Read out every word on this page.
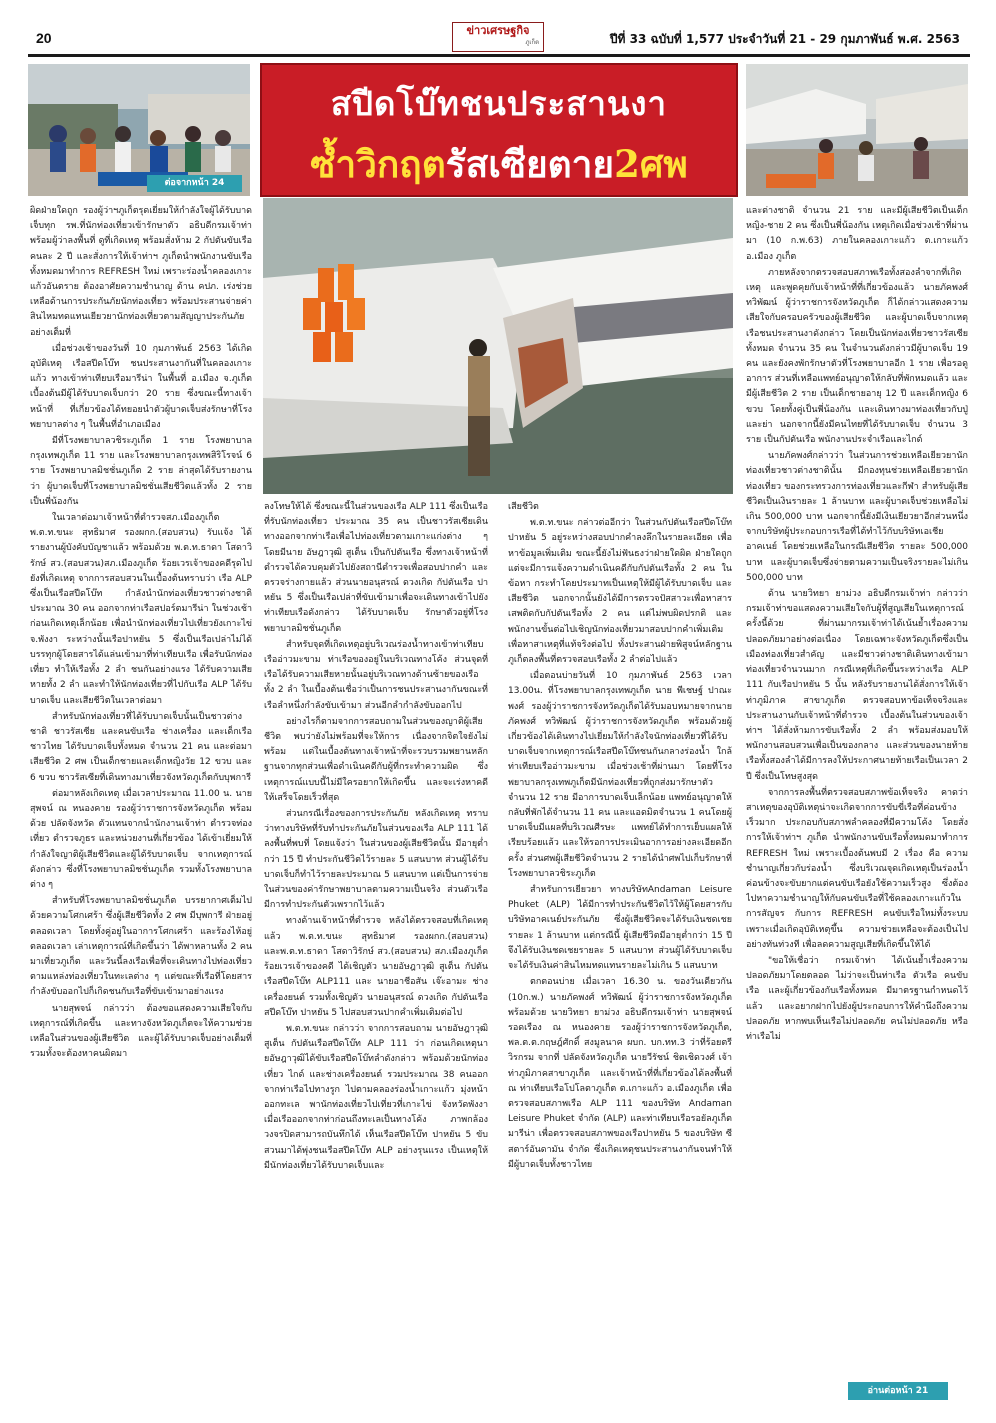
20	ข่าวเศรษฐกิจ
ภูเก็ต	ปีที่ 33 ฉบับที่ 1,577 ประจำวันที่ 21 - 29 กุมภาพันธ์ พ.ศ. 2563
ต่อจากหน้า 24
สปีดโบ๊ทชนประสานงา
ซ้ำวิกฤตรัสเซียตาย2ศพ

ผิดฝ่ายใดถูก รองผู้ว่าฯภูเก็ตรุดเยี่ยมให้กำลังใจผู้ได้รับบาดเจ็บทุก รพ.ที่นักท่องเที่ยวเข้ารักษาตัว อธิบดีกรมเจ้าท่าพร้อมผู้ว่าลงพื้นที่ ดูที่เกิดเหตุ พร้อมสั่งห้าม 2 กัปตันขับเรือคนละ 2 ปี และสั่งการให้เจ้าท่าฯ ภูเก็ตนำพนักงานขับเรือทั้งหมดมาทำการ REFRESH ใหม่ เพราะร่องน้ำคลองเกาะแก้วอันตราย ต้องอาศัยความชำนาญ ด้าน คปภ. เร่งช่วยเหลือด้านการประกันภัยนักท่องเที่ยว พร้อมประสานจ่ายค่าสินไหมทดแทนเยียวยานักท่องเที่ยวตามสัญญาประกันภัยอย่างเต็มที่

เมื่อช่วงเช้าของวันที่ 10 กุมภาพันธ์ 2563 ได้เกิดอุบัติเหตุ เรือสปีดโบ๊ท ชนประสานงากันที่ในคลองเกาะแก้ว ทางเข้าท่าเทียบเรือมารีน่า ในพื้นที่ อ.เมือง จ.ภูเก็ต เบื้องต้นมีผู้ได้รับบาดเจ็บกว่า 20 ราย ซึ่งขณะนี้ทางเจ้าหน้าที่ ที่เกี่ยวข้องได้ทยอยนำตัวผู้บาดเจ็บส่งรักษาที่โรงพยาบาลต่าง ๆ ในพื้นที่อำเภอเมือง

มีที่โรงพยาบาลวชิระภูเก็ต 1 ราย โรงพยาบาลกรุงเทพภูเก็ต 11 ราย และโรงพยาบาลกรุงเทพสิริโรจน์ 6 ราย โรงพยาบาลมิชชั่นภูเก็ต 2 ราย ล่าสุดได้รับรายงานว่า ผู้บาดเจ็บที่โรงพยาบาลมิชชั่นเสียชีวิตแล้วทั้ง 2 ราย เป็นพี่น้องกัน

ในเวลาต่อมาเจ้าหน้าที่ตำรวจสภ.เมืองภูเก็ต พ.ต.ท.ขนะ สุทธิมาศ รองผกก.(สอบสวน) รับแจ้ง ได้รายงานผู้บังคับบัญชาแล้ว พร้อมด้วย พ.ต.ท.ธาดา โสดาวิรักษ์ สว.(สอบสวน)สภ.เมืองภูเก็ต ร้อยเวรเจ้าของคดีรุดไปยังที่เกิดเหตุ จากการสอบสวนในเบื้องต้นทราบว่า เรือ ALP ซึ่งเป็นเรือสปีดโบ๊ท กำลังนำนักท่องเที่ยวชาวต่างชาติ ประมาณ 30 คน ออกจากท่าเรือสปอร์ตมารีน่า ในช่วงเช้าก่อนเกิดเหตุเล็กน้อย เพื่อนำนักท่องเที่ยวไปเที่ยวยังเกาะไข่ จ.พังงา ระหว่างนั้นเรือปาหยัน 5 ซึ่งเป็นเรือเปล่าไม่ได้บรรทุกผู้โดยสารได้แล่นเข้ามาที่ท่าเทียบเรือ เพื่อรับนักท่องเที่ยว ทำให้เรือทั้ง 2 ลำ ชนกันอย่างแรง ได้รับความเสียหายทั้ง 2 ลำ และทำให้นักท่องเที่ยวที่ไปกับเรือ ALP ได้รับบาดเจ็บ และเสียชีวิตในเวลาต่อมา

สำหรับนักท่องเที่ยวที่ได้รับบาดเจ็บนั้นเป็นชาวต่างชาติ ชาวรัสเซีย และคนขับเรือ ช่างเครื่อง และเด็กเรือชาวไทย ได้รับบาดเจ็บทั้งหมด จำนวน 21 คน และต่อมาเสียชีวิต 2 ศพ เป็นเด็กชายและเด็กหญิงวัย 12 ขวบ และ 6 ขวบ ชาวรัสเซียที่เดินทางมาเที่ยวจังหวัดภูเก็ตกับบุพการี

ต่อมาหลังเกิดเหตุ เมื่อเวลาประมาณ 11.00 น. นายสุพจน์ ณ หนองคาย รองผู้ว่าราชการจังหวัดภูเก็ต พร้อมด้วย ปลัดจังหวัด ตัวแทนจากนำนักงานเจ้าท่า ตำรวจท่องเที่ยว ตำรวจภูธร และหน่วยงานที่เกี่ยวข้อง ได้เข้าเยี่ยมให้กำลังใจญาติผู้เสียชีวิตและผู้ได้รับบาดเจ็บ จากเหตุการณ์ดังกล่าว ซึ่งที่โรงพยาบาลมิชชั่นภูเก็ต รวมทั้งโรงพยาบาลต่าง ๆ

สำหรับที่โรงพยาบาลมิชชั่นภูเก็ต บรรยากาศเต็มไปด้วยความโศกเศร้า ซึ่งผู้เสียชีวิตทั้ง 2 ศพ มีบุพการี ฝ่ายอยู่ตลอดเวลา โดยทั้งคู่อยู่ในอาการโศกเศร้า และร้องไห้อยู่ตลอดเวลา เล่าเหตุการณ์ที่เกิดขึ้นว่า ได้พาหลานทั้ง 2 คน มาเที่ยวภูเก็ต และวันนี้ลงเรือเพื่อที่จะเดินทางไปท่องเที่ยวตามแหล่งท่องเที่ยวในทะเลต่าง ๆ แต่ขณะที่เรือที่โดยสารกำลังขับออกไปก็เกิดชนกับเรือที่ขับเข้ามาอย่างแรง

นายสุพจน์ กล่าวว่า ต้องขอแสดงความเสียใจกับเหตุการณ์ที่เกิดขึ้น และทางจังหวัดภูเก็ตจะให้ความช่วยเหลือในส่วนของผู้เสียชีวิต และผู้ได้รับบาดเจ็บอย่างเต็มที่ รวมทั้งจะต้องหาคนผิดมา

ลงโทษให้ได้ ซึ่งขณะนี้ในส่วนของเรือ ALP 111 ซึ่งเป็นเรือที่รับนักท่องเที่ยว ประมาณ 35 คน เป็นชาวรัสเซียเดินทางออกจากท่าเรือเพื่อไปท่องเที่ยวตามเกาะแก่งต่าง ๆ โดยมีนาย อัษฎาวุฒิ สูเต็น เป็นกัปตันเรือ ซึ่งทางเจ้าหน้าที่ตำรวจได้ควบคุมตัวไปยังสถานีตำรวจเพื่อสอบปากคำ และตรวจร่างกายแล้ว ส่วนนายอนุสรณ์ ดวงเกิด กัปตันเรือ ปาหยัน 5 ซึ่งเป็นเรือเปล่าที่ขับเข้ามาเพื่อจะเดินทางเข้าไปยังท่าเทียบเรือดังกล่าว ได้รับบาดเจ็บ รักษาตัวอยู่ที่โรงพยาบาลมิชชั่นภูเก็ต

สำหรับจุดที่เกิดเหตุอยู่บริเวณร่องน้ำทางเข้าท่าเทียบเรืออ่าวมะขาม ท่าเรือของอยู่ในบริเวณทางโค้ง ส่วนจุดที่เรือได้รับความเสียหายนั้นอยู่บริเวณทางด้านซ้ายของเรือทั้ง 2 ลำ ในเบื้องต้นเชื่อว่าเป็นการชนประสานงากันขณะที่เรือลำหนึ่งกำลังขับเข้ามา ส่วนอีกลำกำลังขับออกไป

อย่างไรก็ตามจากการสอบถามในส่วนของญาติผู้เสียชีวิต พบว่ายังไม่พร้อมที่จะให้การ เนื่องจากจิตใจยังไม่พร้อม แต่ในเบื้องต้นทางเจ้าหน้าที่จะรวบรวมพยานหลักฐานจากทุกส่วนเพื่อดำเนินคดีกับผู้ที่กระทำความผิด ซึ่งเหตุการณ์แบบนี้ไม่มีใครอยากให้เกิดขึ้น และจะเร่งหาคดีให้เสร็จโดยเร็วที่สุด

ส่วนกรณีเรื่องของการประกันภัย หลังเกิดเหตุ ทราบว่าทางบริษัทที่รับทำประกันภัยในส่วนของเรือ ALP 111 ได้ลงพื้นที่พบที่ โดยแจ้งว่า ในส่วนของผู้เสียชีวิตนั้น มีอายุต่ำกว่า 15 ปี ทำประกันชีวิตไว้รายละ 5 แสนบาท ส่วนผู้ได้รับบาดเจ็บก็ทำไว้รายละประมาณ 5 แสนบาท แต่เป็นการจ่ายในส่วนของค่ารักษาพยาบาลตามความเป็นจริง ส่วนตัวเรือมีการทำประกันตัวเพรากไว้แล้ว

ทางด้านเจ้าหน้าที่ตำรวจ หลังได้ตรวจสอบที่เกิดเหตุแล้ว พ.ต.ท.ขนะ สุทธิมาศ รองผกก.(สอบสวน) และพ.ต.ท.ธาดา โสดาวิรักษ์ สว.(สอบสวน) สภ.เมืองภูเก็ต ร้อยเวรเจ้าของคดี ได้เชิญตัว นายอัษฎาวุฒิ สูเต็น กัปตันเรือสปีดโบ๊ท ALP111 และ นายอาชีอสัน เจ๊ะอามะ ช่างเครื่องยนต์ รวมทั้งเชิญตัว นายอนุสรณ์ ดวงเกิด กัปตันเรือสปีดโบ๊ท ปาหยัน 5 ไปสอบสวนปากคำเพิ่มเติมต่อไป

พ.ต.ท.ขนะ กล่าวว่า จากการสอบถาม นายอัษฎาวุฒิ สูเต็น กัปตันเรือสปีดโบ๊ท ALP 111 ว่า ก่อนเกิดเหตุนายอัษฎาวุฒิได้ขับเรือสปีดโบ๊ทลำดังกล่าว พร้อมด้วยนักท่องเที่ยว ไกด์ และช่างเครื่องยนต์ รวมประมาณ 38 คนออกจากท่าเรือไปทางรูก ไปตามคลองร่องน้ำเกาะแก้ว มุ่งหน้าออกทะเล พานักท่องเที่ยวไปเที่ยวที่เกาะไข่ จังหวัดพังงา เมื่อเรือออกจากท่าก่อนถึงทะเลเป็นทางโค้ง ภาพกล้องวงจรปิดสามารถบันทึกได้ เห็นเรือสปีดโบ๊ท ปาหยัน 5 ขับสวนมาได้พุ่งชนเรือสปีดโบ๊ท ALP อย่างรุนแรง เป็นเหตุให้มีนักท่องเที่ยวได้รับบาดเจ็บและ

เสียชีวิต

พ.ต.ท.ขนะ กล่าวต่ออีกว่า ในส่วนกัปตันเรือสปีดโบ๊ท ปาหยัน 5 อยู่ระหว่างสอบปากคำลงลึกในรายละเอียด เพื่อหาข้อมูลเพิ่มเติม ขณะนี้ยังไม่ฟันธงว่าฝ่ายใดผิด ฝ่ายใดถูก แต่จะมีการแจ้งความดำเนินคดีกับกัปตันเรือทั้ง 2 คน ในข้อหา กระทำโดยประมาทเป็นเหตุให้มีผู้ได้รับบาดเจ็บ และเสียชีวิต นอกจากนั้นยังได้มีการตรวจปัสสาวะเพื่อหาสารเสพติดกับกัปตันเรือทั้ง 2 คน แต่ไม่พบผิดปรกติ และพนักงานขั้นต่อไปเชิญนักท่องเที่ยวมาสอบปากคำเพิ่มเติม เพื่อหาสาเหตุที่แท้จริงต่อไป ทั้งประสานฝ่ายพิสูจน์หลักฐานภูเก็ตลงพื้นที่ตรวจสอบเรือทั้ง 2 ลำต่อไปแล้ว

เมื่อตอนบ่ายวันที่ 10 กุมภาพันธ์ 2563 เวลา 13.00น. ที่โรงพยาบาลกรุงเทพภูเก็ต นาย พีเชษฐ์ ปาณะพงศ์ รองผู้ว่าราชการจังหวัดภูเก็ตได้รับมอบหมายจากนาย ภัคพงศ์ ทวิพัฒน์ ผู้ว่าราชการจังหวัดภูเก็ต พร้อมด้วยผู้เกี่ยวข้องได้เดินทางไปเยี่ยมให้กำลังใจนักท่องเที่ยวที่ได้รับบาดเจ็บจากเหตุการณ์เรือสปีดโบ๊ทชนกันกลางร่องน้ำ ใกล้ท่าเทียบเรืออ่าวมะขาม เมื่อช่วงเช้าที่ผ่านมา โดยที่โรงพยาบาลกรุงเทพภูเก็ตมีนักท่องเที่ยวที่ถูกส่งมารักษาตัวจำนวน 12 ราย มีอาการบาดเจ็บเล็กน้อย แพทย์อนุญาตให้กลับที่พักได้จำนวน 11 คน และแอดมิตจำนวน 1 คนโดยผู้บาดเจ็บมีแผลที่บริเวณศีรษะ แพทย์ได้ทำการเย็บแผลให้เรียบร้อยแล้ว และให้รอการประเมินอาการอย่างละเอียดอีกครั้ง ส่วนศพผู้เสียชีวิตจำนวน 2 รายได้นำศพไปเก็บรักษาที่โรงพยาบาลวชิระภูเก็ต

สำหรับการเยียวยา ทางบริษัทAndaman Leisure Phuket (ALP) ได้มีการทำประกันชีวิตไว้ให้ผู้โดยสารกับ บริษัทอาคเนย์ประกันภัย ซึ่งผู้เสียชีวิตจะได้รับเงินชดเชยรายละ 1 ล้านบาท แต่กรณีนี้ ผู้เสียชีวิตมีอายุต่ำกว่า 15 ปี จึงได้รับเงินชดเชยรายละ 5 แสนบาท ส่วนผู้ได้รับบาดเจ็บจะได้รับเงินค่าสินไหมทดแทนรายละไม่เกิน 5 แสนบาท

ตกตอนบ่าย เมื่อเวลา 16.30 น. ของวันเดียวกัน (10ก.พ.) นายภัคพงศ์ ทวิพัฒน์ ผู้ว่าราชการจังหวัดภูเก็ต พร้อมด้วย นายวิทยา ยาม่วง อธิบดีกรมเจ้าท่า นายสุพจน์ รอดเรือง ณ หนองคาย รองผู้ว่าราชการจังหวัดภูเก็ต, พล.ต.ต.กฤษฎ์ศักดิ์ สงมูลนาค ผบก. บก.ทท.3 ว่าที่ร้อยตรีวิรกรม จากที่ ปลัดจังหวัดภูเก็ต นายวีรัชน์ ชิตเชิดวงศ์ เจ้าท่าภูมิภาคสาขาภูเก็ต และเจ้าหน้าที่ที่เกี่ยวข้องได้ลงพื้นที่ ณ ท่าเทียบเรือโปโลตาภูเก็ต ต.เกาะแก้ว อ.เมืองภูเก็ต เพื่อตรวจสอบสภาพเรือ ALP 111 ของบริษัท Andaman Leisure Phuket จำกัด (ALP) และท่าเทียบเรือรอยัลภูเก็ต มารีน่า เพื่อตรวจสอบสภาพของเรือปาหยัน 5 ของบริษัท ซีสตาร์อันดามัน จำกัด ซึ่งเกิดเหตุชนประสานงากันจนทำให้มีผู้บาดเจ็บทั้งชาวไทย

และต่างชาติ จำนวน 21 ราย และมีผู้เสียชีวิตเป็นเด็กหญิง-ชาย 2 คน ซึ่งเป็นพี่น้องกัน เหตุเกิดเมื่อช่วงเช้าที่ผ่านมา (10 ก.พ.63) ภายในคลองเกาะแก้ว ต.เกาะแก้ว อ.เมือง ภูเก็ต

ภายหลังจากตรวจสอบสภาพเรือทั้งสองลำจากที่เกิดเหตุ และพูดคุยกับเจ้าหน้าที่ที่เกี่ยวข้องแล้ว นายภัคพงศ์ ทวิพัฒน์ ผู้ว่าราชการจังหวัดภูเก็ต ก็ได้กล่าวแสดงความเสียใจกับครอบครัวของผู้เสียชีวิต และผู้บาดเจ็บจากเหตุเรือชนประสานงาดังกล่าว โดยเป็นนักท่องเที่ยวชาวรัสเซียทั้งหมด จำนวน 35 คน ในจำนวนดังกล่าวมีผู้บาดเจ็บ 19 คน และยังคงพักรักษาตัวที่โรงพยาบาลอีก 1 ราย เพื่อรอดูอาการ ส่วนที่เหลือแพทย์อนุญาตให้กลับที่พักหมดแล้ว และมีผู้เสียชีวิต 2 ราย เป็นเด็กชายอายุ 12 ปี และเด็กหญิง 6 ขวบ โดยทั้งคู่เป็นพี่น้องกัน และเดินทางมาท่องเที่ยวกับปู่และย่า นอกจากนี้ยังมีคนไทยที่ได้รับบาดเจ็บ จำนวน 3 ราย เป็นกัปตันเรือ พนักงานประจำเรือและไกด์

นายภัคพงศ์กล่าวว่า ในส่วนการช่วยเหลือเยียวยานักท่องเที่ยวชาวต่างชาตินั้น มีกองทุนช่วยเหลือเยียวยานักท่องเที่ยว ของกระทรวงการท่องเที่ยวและกีฬา สำหรับผู้เสียชีวิตเป็นเงินรายละ 1 ล้านบาท และผู้บาดเจ็บช่วยเหลือไม่เกิน 500,000 บาท นอกจากนี้ยังมีเงินเยียวยาอีกส่วนหนึ่งจากบริษัทผู้ประกอบการเรือที่ได้ทำไว้กับบริษัทเอเชียอาคเนย์ โดยช่วยเหลือในกรณีเสียชีวิต รายละ 500,000 บาท และผู้บาดเจ็บซึ่งจ่ายตามความเป็นจริงรายละไม่เกิน 500,000 บาท

ด้าน นายวิทยา ยาม่วง อธิบดีกรมเจ้าท่า กล่าวว่า กรมเจ้าท่าขอแสดงความเสียใจกับผู้ที่สูญเสียในเหตุการณ์ครั้งนี้ด้วย ที่ผ่านมากรมเจ้าท่าได้เน้นย้ำเรื่องความปลอดภัยมาอย่างต่อเนื่อง โดยเฉพาะจังหวัดภูเก็ตซึ่งเป็นเมืองท่องเที่ยวสำคัญ และมีชาวต่างชาติเดินทางเข้ามาท่องเที่ยวจำนวนมาก กรณีเหตุที่เกิดขึ้นระหว่างเรือ ALP 111 กับเรือปาหยัน 5 นั้น หลังรับรายงานได้สั่งการให้เจ้าท่าภูมิภาค สาขาภูเก็ต ตรวจสอบหาข้อเท็จจริงและประสานงานกับเจ้าหน้าที่ตำรวจ เบื้องต้นในส่วนของเจ้าท่าฯ ได้สั่งห้ามการขับเรือทั้ง 2 ลำ พร้อมส่งมอบให้พนักงานสอบสวนเพื่อเป็นของกลาง และส่วนของนายท้ายเรือทั้งสองลำได้มีการลงให้ประกาศนายท้ายเรือเป็นเวลา 2 ปี ซึ่งเป็นโทษสูงสุด

จากการลงพื้นที่ตรวจสอบสภาพข้อเท็จจริง คาดว่า สาเหตุของอุบัติเหตุน่าจะเกิดจากการขับขี่เรือที่ค่อนข้างเร็วมาก ประกอบกับสภาพลำคลองที่มีความโค้ง โดยสั่งการให้เจ้าท่าฯ ภูเก็ต นำพนักงานขับเรือทั้งหมดมาทำการ REFRESH ใหม่ เพราะเบื้องต้นพบมี 2 เรื่อง คือ ความชำนาญเกี่ยวกับร่องน้ำ ซึ่งบริเวณจุดเกิดเหตุเป็นร่องน้ำ ค่อนข้างจะขับยากแต่คนขับเรือยังใช้ความเร็วสูง ซึ่งต้องไปหาความชำนาญให้กับคนขับเรือที่ใช้คลองเกาะแก้วในการสัญจร กับการ REFRESH คนขับเรือใหม่ทั้งระบบ เพราะเมื่อเกิดอุบัติเหตุขึ้น ความช่วยเหลือจะต้องเป็นไปอย่างทันท่วงที เพื่อลดความสูญเสียที่เกิดขึ้นให้ได้

"ขอให้เชื่อว่า กรมเจ้าท่า ได้เน้นย้ำเรื่องความปลอดภัยมาโดยตลอด ไม่ว่าจะเป็นท่าเรือ ตัวเรือ คนขับเรือ และผู้เกี่ยวข้องกับเรือทั้งหมด มีมาตรฐานกำหนดไว้แล้ว และอยากฝากไปยังผู้ประกอบการให้คำนึงถึงความปลอดภัย หากพบเห็นเรือไม่ปลอดภัย คนไม่ปลอดภัย หรือท่าเรือไม่

อ่านต่อหน้า 21
